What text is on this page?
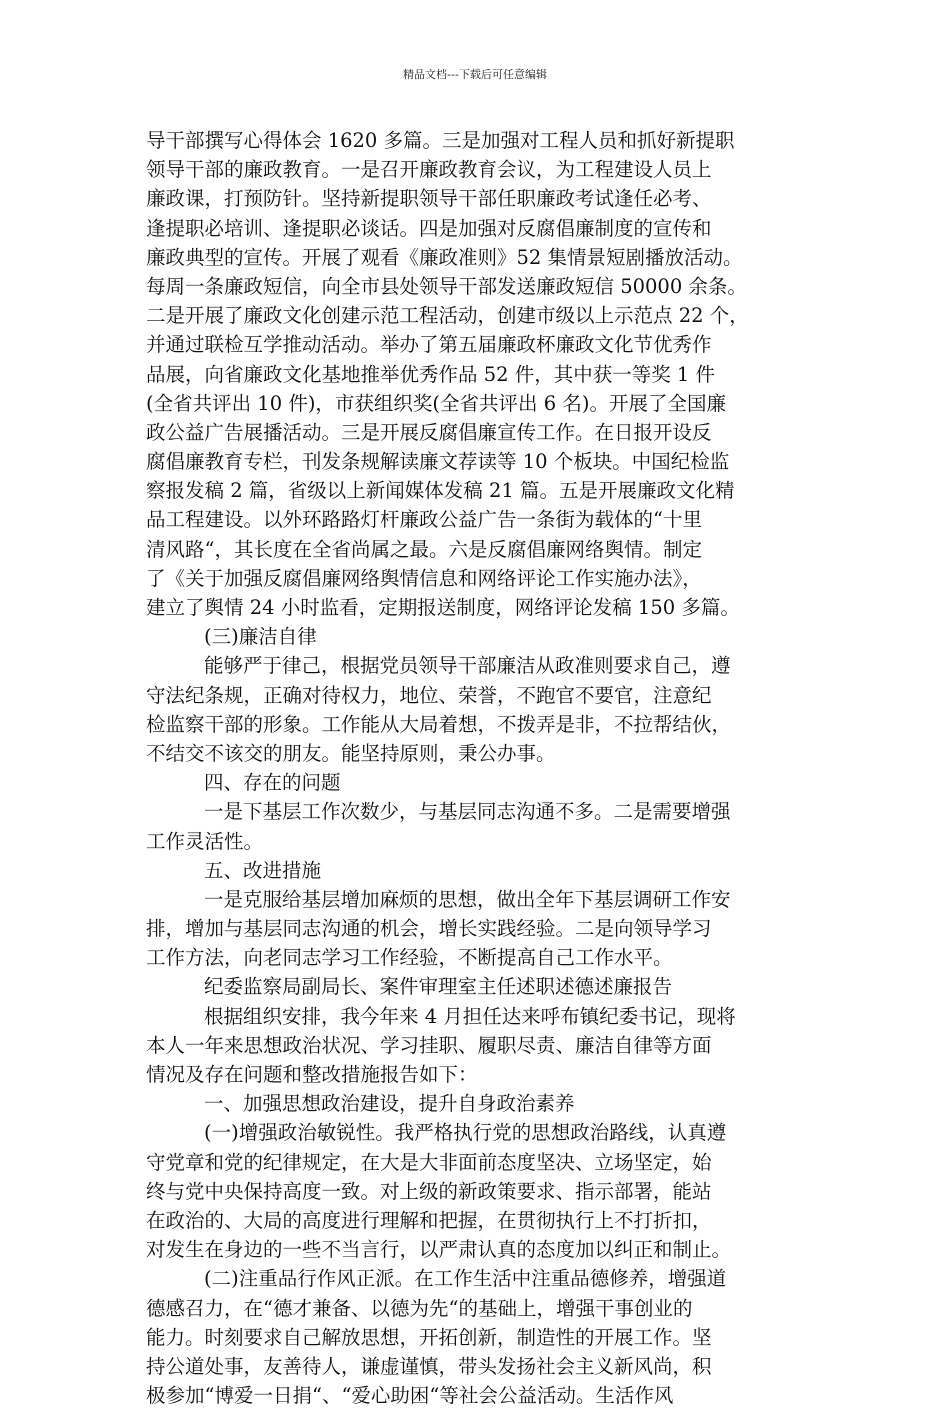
精品文档---下载后可任意编辑
导干部撰写心得体会 1620 多篇。三是加强对工程人员和抓好新提职
领导干部的廉政教育。一是召开廉政教育会议，为工程建设人员上
廉政课，打预防针。坚持新提职领导干部任职廉政考试逢任必考、
逢提职必培训、逢提职必谈话。四是加强对反腐倡廉制度的宣传和
廉政典型的宣传。开展了观看《廉政准则》52 集情景短剧播放活动。
每周一条廉政短信，向全市县处领导干部发送廉政短信 50000 余条。
二是开展了廉政文化创建示范工程活动，创建市级以上示范点 22 个，
并通过联检互学推动活动。举办了第五届廉政杯廉政文化节优秀作
品展，向省廉政文化基地推举优秀作品 52 件，其中获一等奖 1 件
(全省共评出 10 件)，市获组织奖(全省共评出 6 名)。开展了全国廉
政公益广告展播活动。三是开展反腐倡廉宣传工作。在日报开设反
腐倡廉教育专栏，刊发条规解读廉文荐读等 10 个板块。中国纪检监
察报发稿 2 篇，省级以上新闻媒体发稿 21 篇。五是开展廉政文化精
品工程建设。以外环路路灯杆廉政公益广告一条街为载体的“十里
清风路“，其长度在全省尚属之最。六是反腐倡廉网络舆情。制定
了《关于加强反腐倡廉网络舆情信息和网络评论工作实施办法》，
建立了舆情 24 小时监看，定期报送制度，网络评论发稿 150 多篇。
(三)廉洁自律
能够严于律己，根据党员领导干部廉洁从政准则要求自己，遵
守法纪条规，正确对待权力，地位、荣誉，不跑官不要官，注意纪
检监察干部的形象。工作能从大局着想，不拨弄是非，不拉帮结伙，
不结交不该交的朋友。能坚持原则，秉公办事。
四、存在的问题
一是下基层工作次数少，与基层同志沟通不多。二是需要增强
工作灵活性。
五、改进措施
一是克服给基层增加麻烦的思想，做出全年下基层调研工作安
排，增加与基层同志沟通的机会，增长实践经验。二是向领导学习
工作方法，向老同志学习工作经验，不断提高自己工作水平。
纪委监察局副局长、案件审理室主任述职述德述廉报告
根据组织安排，我今年来 4 月担任达来呼布镇纪委书记，现将
本人一年来思想政治状况、学习挂职、履职尽责、廉洁自律等方面
情况及存在问题和整改措施报告如下：
一、加强思想政治建设，提升自身政治素养
(一)增强政治敏锐性。我严格执行党的思想政治路线，认真遵
守党章和党的纪律规定，在大是大非面前态度坚决、立场坚定，始
终与党中央保持高度一致。对上级的新政策要求、指示部署，能站
在政治的、大局的高度进行理解和把握，在贯彻执行上不打折扣，
对发生在身边的一些不当言行，以严肃认真的态度加以纠正和制止。
(二)注重品行作风正派。在工作生活中注重品德修养，增强道
德感召力，在“德才兼备、以德为先“的基础上，增强干事创业的
能力。时刻要求自己解放思想，开拓创新，制造性的开展工作。坚
持公道处事，友善待人，谦虚谨慎，带头发扬社会主义新风尚，积
极参加“博爱一日捐“、“爱心助困“等社会公益活动。生活作风
